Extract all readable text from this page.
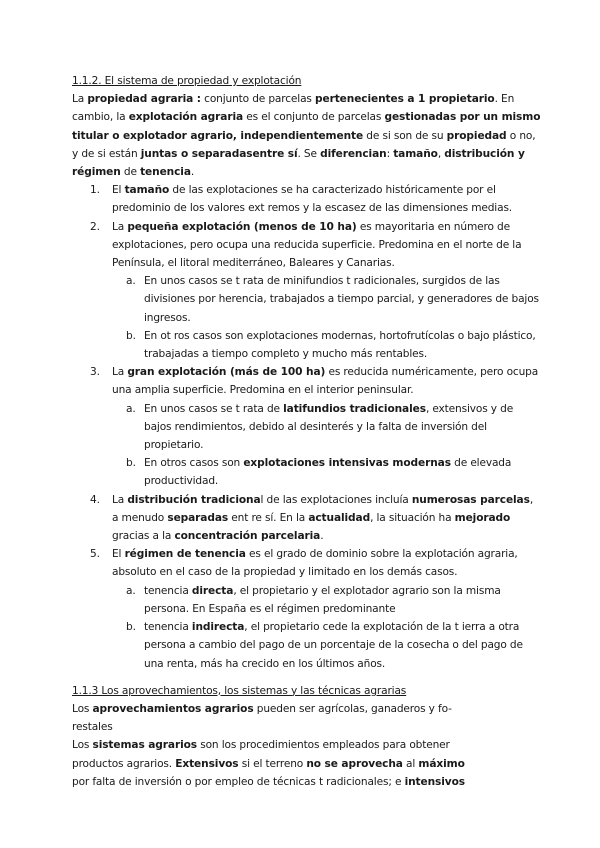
1.1.2. El sistema de propiedad y explotación

La propiedad agraria : conjunto de parcelas pertenecientes a 1 propietario. En cambio, la explotación agraria es el conjunto de parcelas gestionadas por un mismo titular o explotador agrario, independientemente de si son de su propiedad o no, y de si están juntas o separadasentre sí. Se diferencian: tamaño, distribución y régimen de tenencia.

1. El tamaño de las explotaciones se ha caracterizado históricamente por el predominio de los valores ext remos y la escasez de las dimensiones medias.
2. La pequeña explotación (menos de 10 ha) es mayoritaria en número de explotaciones, pero ocupa una reducida superficie. Predomina en el norte de la Península, el litoral mediterráneo, Baleares y Canarias.
a. En unos casos se t rata de minifundios t radicionales, surgidos de las divisiones por herencia, trabajados a tiempo parcial, y generadores de bajos ingresos.
b. En ot ros casos son explotaciones modernas, hortofrutícolas o bajo plástico, trabajadas a tiempo completo y mucho más rentables.
3. La gran explotación (más de 100 ha) es reducida numéricamente, pero ocupa una amplia superficie. Predomina en el interior peninsular.
a. En unos casos se t rata de latifundios tradicionales, extensivos y de bajos rendimientos, debido al desinterés y la falta de inversión del propietario.
b. En otros casos son explotaciones intensivas modernas de elevada productividad.
4. La distribución tradicional de las explotaciones incluía numerosas parcelas, a menudo separadas ent re sí. En la actualidad, la situación ha mejorado gracias a la concentración parcelaria.
5. El régimen de tenencia es el grado de dominio sobre la explotación agraria, absoluto en el caso de la propiedad y limitado en los demás casos.
a. tenencia directa, el propietario y el explotador agrario son la misma persona. En España es el régimen predominante
b. tenencia indirecta, el propietario cede la explotación de la t ierra a otra persona a cambio del pago de un porcentaje de la cosecha o del pago de una renta, más ha crecido en los últimos años.

1.1.3 Los aprovechamientos, los sistemas y las técnicas agrarias

Los aprovechamientos agrarios pueden ser agrícolas, ganaderos y fo-
restales

Los sistemas agrarios son los procedimientos empleados para obtener
productos agrarios. Extensivos si el terreno no se aprovecha al máximo
por falta de inversión o por empleo de técnicas t radicionales; e intensivos
